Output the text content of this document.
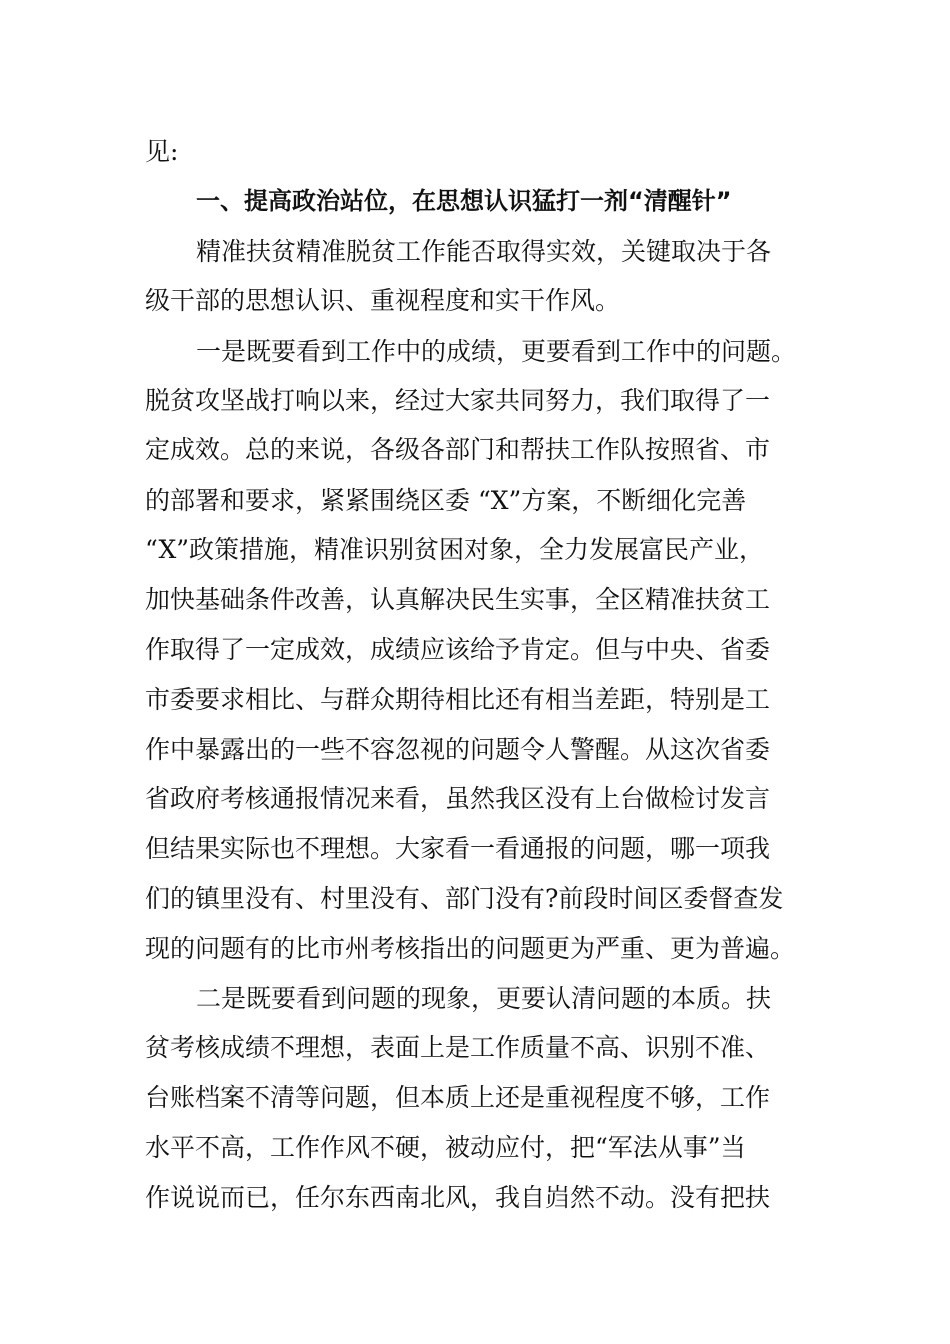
见:
一、提高政治站位，在思想认识猛打一剂“清醒针”
精准扶贫精准脱贫工作能否取得实效，关键取决于各
级干部的思想认识、重视程度和实干作风。
一是既要看到工作中的成绩，更要看到工作中的问题。
脱贫攻坚战打响以来，经过大家共同努力，我们取得了一
定成效。总的来说，各级各部门和帮扶工作队按照省、市
的部署和要求，紧紧围绕区委 “X”方案，不断细化完善
“X”政策措施，精准识别贫困对象，全力发展富民产业，
加快基础条件改善，认真解决民生实事，全区精准扶贫工
作取得了一定成效，成绩应该给予肯定。但与中央、省委
市委要求相比、与群众期待相比还有相当差距，特别是工
作中暴露出的一些不容忽视的问题令人警醒。从这次省委
省政府考核通报情况来看，虽然我区没有上台做检讨发言
但结果实际也不理想。大家看一看通报的问题，哪一项我
们的镇里没有、村里没有、部门没有?前段时间区委督查发
现的问题有的比市州考核指出的问题更为严重、更为普遍。
二是既要看到问题的现象，更要认清问题的本质。扶
贫考核成绩不理想，表面上是工作质量不高、识别不准、
台账档案不清等问题，但本质上还是重视程度不够，工作
水平不高，工作作风不硬，被动应付，把“军法从事”当
作说说而已，任尔东西南北风，我自岿然不动。没有把扶
